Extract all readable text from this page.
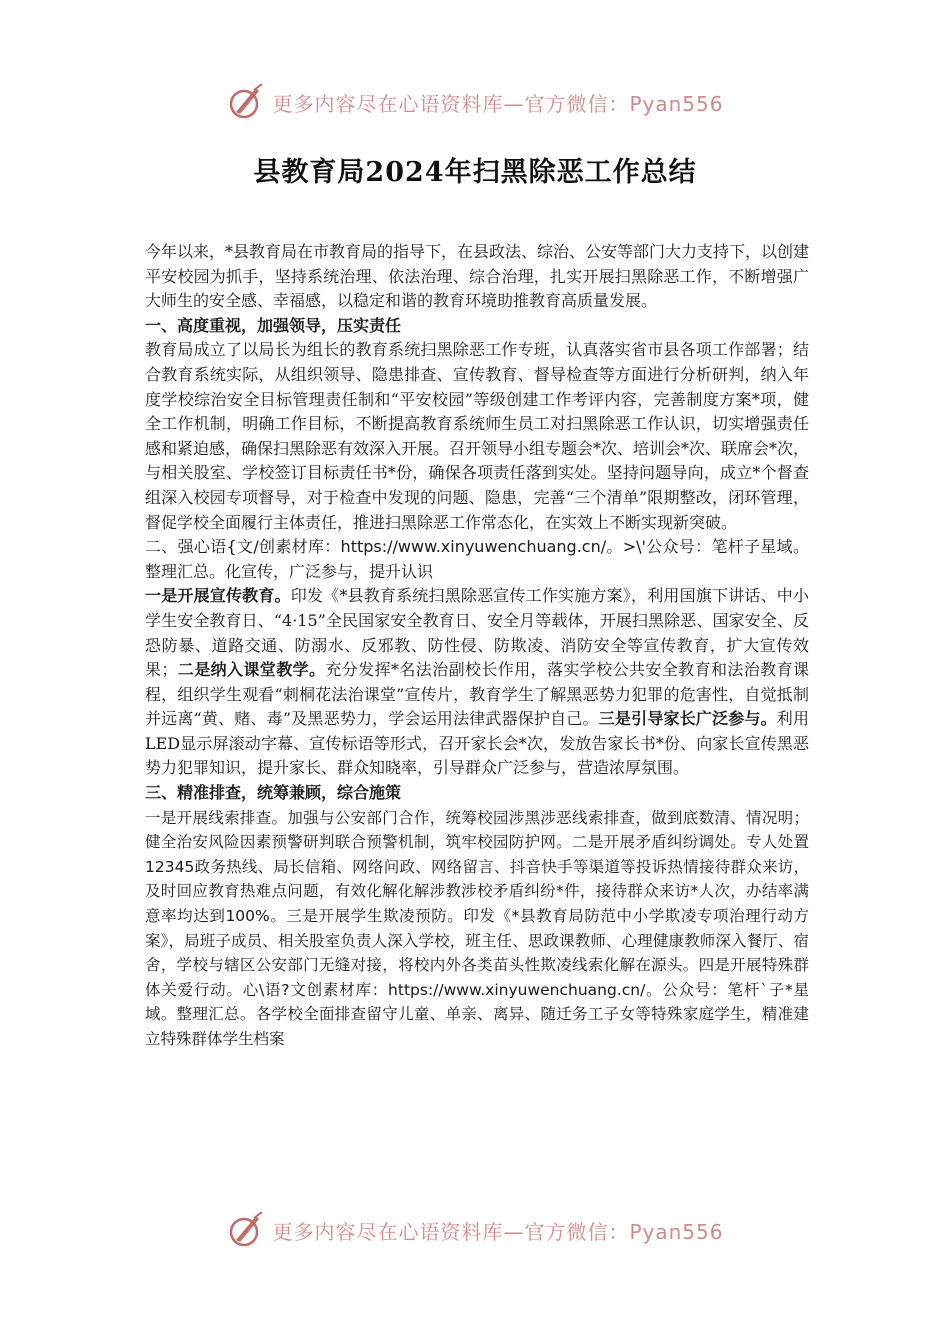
更多内容尽在心语资料库—官方微信：Pyan556
县教育局2024年扫黑除恶工作总结

今年以来，*县教育局在市教育局的指导下，在县政法、综治、公安等部门大力支持下，以创建平安校园为抓手，坚持系统治理、依法治理、综合治理，扎实开展扫黑除恶工作，不断增强广大师生的安全感、幸福感，以稳定和谐的教育环境助推教育高质量发展。

一、高度重视，加强领导，压实责任

教育局成立了以局长为组长的教育系统扫黑除恶工作专班，认真落实省市县各项工作部署；结合教育系统实际，从组织领导、隐患排查、宣传教育、督导检查等方面进行分析研判，纳入年度学校综治安全目标管理责任制和“平安校园”等级创建工作考评内容，完善制度方案*项，健全工作机制，明确工作目标，不断提高教育系统师生员工对扫黑除恶工作认识，切实增强责任感和紧迫感，确保扫黑除恶有效深入开展。召开领导小组专题会*次、培训会*次、联席会*次，与相关股室、学校签订目标责任书*份，确保各项责任落到实处。坚持问题导向，成立*个督查组深入校园专项督导，对于检查中发现的问题、隐患，完善“三个清单”限期整改，闭环管理，督促学校全面履行主体责任，推进扫黑除恶工作常态化，在实效上不断实现新突破。

二、强心语{文/创素材库：https://www.xinyuwenchuang.cn/。>\'公众号：笔杆子星域。整理汇总。化宣传，广泛参与，提升认识

一是开展宣传教育。印发《*县教育系统扫黑除恶宣传工作实施方案》，利用国旗下讲话、中小学生安全教育日、“4·15”全民国家安全教育日、安全月等载体，开展扫黑除恶、国家安全、反恐防暴、道路交通、防溺水、反邪教、防性侵、防欺凌、消防安全等宣传教育，扩大宣传效果；二是纳入课堂教学。充分发挥*名法治副校长作用，落实学校公共安全教育和法治教育课程，组织学生观看“刺桐花法治课堂”宣传片，教育学生了解黑恶势力犯罪的危害性，自觉抵制并远离“黄、赌、毒”及黑恶势力，学会运用法律武器保护自己。三是引导家长广泛参与。利用LED显示屏滚动字幕、宣传标语等形式，召开家长会*次，发放告家长书*份、向家长宣传黑恶势力犯罪知识，提升家长、群众知晓率，引导群众广泛参与，营造浓厚氛围。

三、精准排查，统筹兼顾，综合施策

一是开展线索排查。加强与公安部门合作，统筹校园涉黑涉恶线索排查，做到底数清、情况明；健全治安风险因素预警研判联合预警机制，筑牢校园防护网。二是开展矛盾纠纷调处。专人处置12345政务热线、局长信箱、网络问政、网络留言、抖音快手等渠道等投诉热情接待群众来访，及时回应教育热难点问题，有效化解化解涉教涉校矛盾纠纷*件，接待群众来访*人次，办结率满意率均达到100%。三是开展学生欺凌预防。印发《*县教育局防范中小学欺凌专项治理行动方案》，局班子成员、相关股室负责人深入学校，班主任、思政课教师、心理健康教师深入餐厅、宿舍，学校与辖区公安部门无缝对接，将校内外各类苗头性欺凌线索化解在源头。四是开展特殊群体关爱行动。心\语?文创素材库：https://www.xinyuwenchuang.cn/。公众号：笔杆`子*星域。整理汇总。各学校全面排查留守儿童、单亲、离异、随迁务工子女等特殊家庭学生，精准建立特殊群体学生档案

更多内容尽在心语资料库—官方微信：Pyan556
